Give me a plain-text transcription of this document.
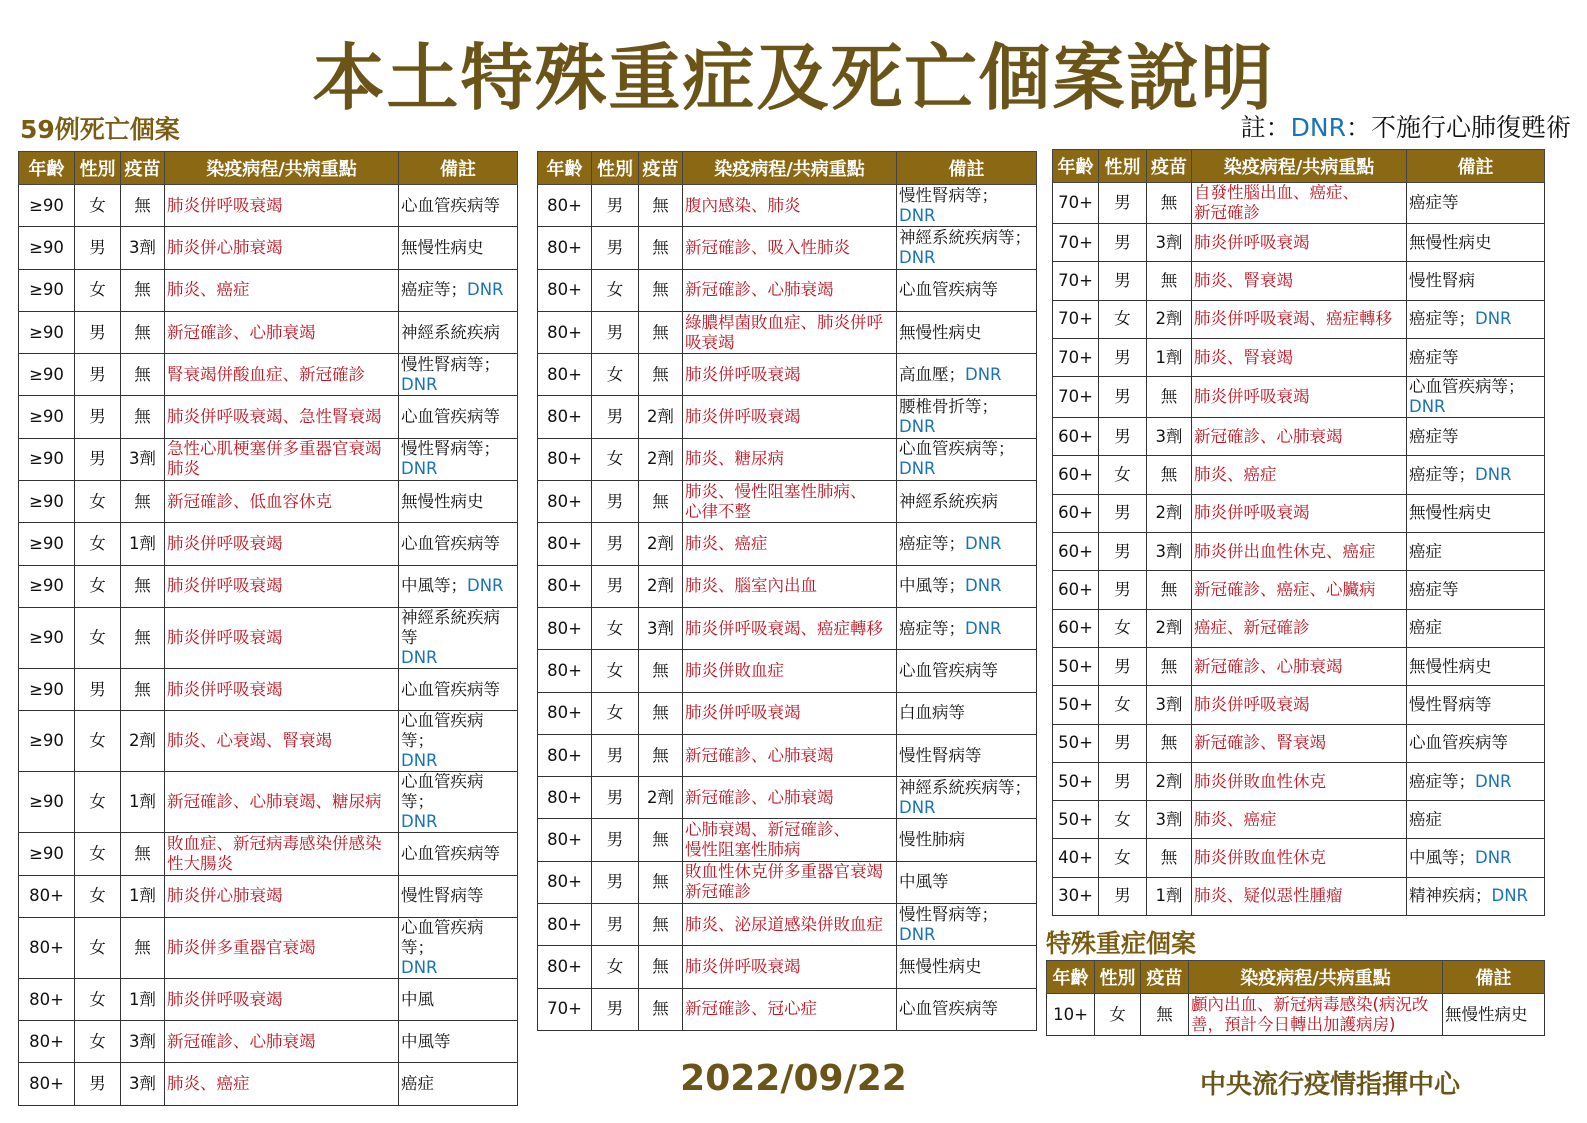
本土特殊重症及死亡個案說明
59例死亡個案	註：DNR：不施行心肺復甦術
年齡	性別	疫苗	染疫病程/共病重點	備註
≥90	女	無	肺炎併呼吸衰竭	心血管疾病等
≥90	男	3劑	肺炎併心肺衰竭	無慢性病史
≥90	女	無	肺炎、癌症	癌症等；DNR
≥90	男	無	新冠確診、心肺衰竭	神經系統疾病
≥90	男	無	腎衰竭併酸血症、新冠確診	慢性腎病等；
DNR
≥90	男	無	肺炎併呼吸衰竭、急性腎衰竭	心血管疾病等
≥90	男	3劑	急性心肌梗塞併多重器官衰竭
肺炎	慢性腎病等；
DNR
≥90	女	無	新冠確診、低血容休克	無慢性病史
≥90	女	1劑	肺炎併呼吸衰竭	心血管疾病等
≥90	女	無	肺炎併呼吸衰竭	中風等；DNR
≥90	女	無	肺炎併呼吸衰竭	神經系統疾病等
DNR
≥90	男	無	肺炎併呼吸衰竭	心血管疾病等
≥90	女	2劑	肺炎、心衰竭、腎衰竭	心血管疾病等；
DNR
≥90	女	1劑	新冠確診、心肺衰竭、糖尿病	心血管疾病等；
DNR
≥90	女	無	敗血症、新冠病毒感染併感染
性大腸炎	心血管疾病等
80+	女	1劑	肺炎併心肺衰竭	慢性腎病等
80+	女	無	肺炎併多重器官衰竭	心血管疾病等；
DNR
80+	女	1劑	肺炎併呼吸衰竭	中風
80+	女	3劑	新冠確診、心肺衰竭	中風等
80+	男	3劑	肺炎、癌症	癌症
年齡	性別	疫苗	染疫病程/共病重點	備註
80+	男	無	腹內感染、肺炎	慢性腎病等；
DNR
80+	男	無	新冠確診、吸入性肺炎	神經系統疾病等；
DNR
80+	女	無	新冠確診、心肺衰竭	心血管疾病等
80+	男	無	綠膿桿菌敗血症、肺炎併呼
吸衰竭	無慢性病史
80+	女	無	肺炎併呼吸衰竭	高血壓；DNR
80+	男	2劑	肺炎併呼吸衰竭	腰椎骨折等；
DNR
80+	女	2劑	肺炎、糖尿病	心血管疾病等；
DNR
80+	男	無	肺炎、慢性阻塞性肺病、
心律不整	神經系統疾病
80+	男	2劑	肺炎、癌症	癌症等；DNR
80+	男	2劑	肺炎、腦室內出血	中風等；DNR
80+	女	3劑	肺炎併呼吸衰竭、癌症轉移	癌症等；DNR
80+	女	無	肺炎併敗血症	心血管疾病等
80+	女	無	肺炎併呼吸衰竭	白血病等
80+	男	無	新冠確診、心肺衰竭	慢性腎病等
80+	男	2劑	新冠確診、心肺衰竭	神經系統疾病等；
DNR
80+	男	無	心肺衰竭、新冠確診、
慢性阻塞性肺病	慢性肺病
80+	男	無	敗血性休克併多重器官衰竭
新冠確診	中風等
80+	男	無	肺炎、泌尿道感染併敗血症	慢性腎病等；
DNR
80+	女	無	肺炎併呼吸衰竭	無慢性病史
70+	男	無	新冠確診、冠心症	心血管疾病等
年齡	性別	疫苗	染疫病程/共病重點	備註
70+	男	無	自發性腦出血、癌症、
新冠確診	癌症等
70+	男	3劑	肺炎併呼吸衰竭	無慢性病史
70+	男	無	肺炎、腎衰竭	慢性腎病
70+	女	2劑	肺炎併呼吸衰竭、癌症轉移	癌症等；DNR
70+	男	1劑	肺炎、腎衰竭	癌症等
70+	男	無	肺炎併呼吸衰竭	心血管疾病等；
DNR
60+	男	3劑	新冠確診、心肺衰竭	癌症等
60+	女	無	肺炎、癌症	癌症等；DNR
60+	男	2劑	肺炎併呼吸衰竭	無慢性病史
60+	男	3劑	肺炎併出血性休克、癌症	癌症
60+	男	無	新冠確診、癌症、心臟病	癌症等
60+	女	2劑	癌症、新冠確診	癌症
50+	男	無	新冠確診、心肺衰竭	無慢性病史
50+	女	3劑	肺炎併呼吸衰竭	慢性腎病等
50+	男	無	新冠確診、腎衰竭	心血管疾病等
50+	男	2劑	肺炎併敗血性休克	癌症等；DNR
50+	女	3劑	肺炎、癌症	癌症
40+	女	無	肺炎併敗血性休克	中風等；DNR
30+	男	1劑	肺炎、疑似惡性腫瘤	精神疾病；DNR
特殊重症個案
年齡	性別	疫苗	染疫病程/共病重點	備註
10+	女	無	顱內出血、新冠病毒感染(病況改
善，預計今日轉出加護病房)	無慢性病史
2022/09/22	中央流行疫情指揮中心
